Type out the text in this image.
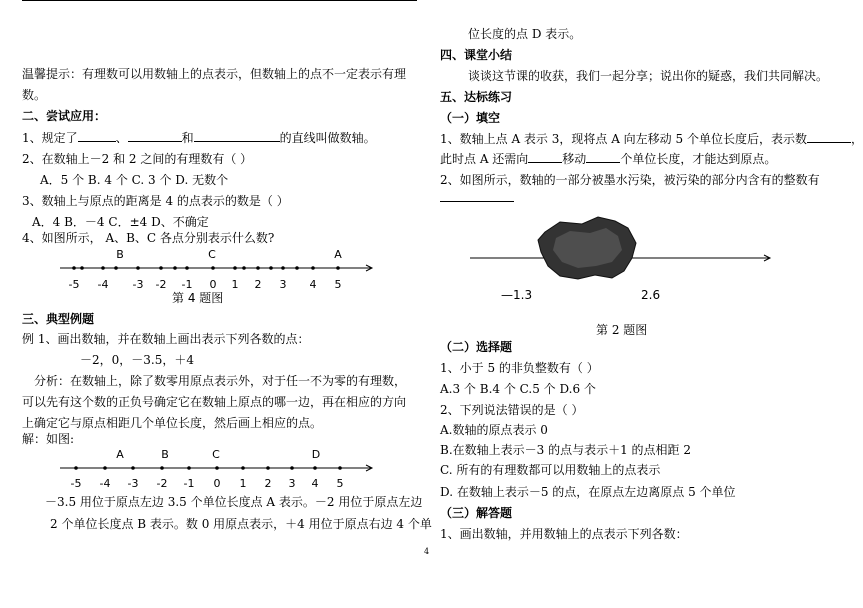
温馨提示：有理数可以用数轴上的点表示，但数轴上的点不一定表示有理
数。
二、尝试应用：
1、规定了	、	和	的直线叫做数轴。
2、在数轴上－2 和 2 之间的有理数有（ ）
A．5 个 B. 4 个 C. 3 个 D. 无数个
3、数轴上与原点的距离是 4 的点表示的数是（ ）
A．4 B．－4 C．±4 D、不确定
4、如图所示， A、B、C 各点分别表示什么数?
三、典型例题
例 1、画出数轴，并在数轴上画出表示下列各数的点：
－2，0，－3.5，＋4
分析：在数轴上，除了数零用原点表示外，对于任一不为零的有理数，
可以先有这个数的正负号确定它在数轴上原点的哪一边，再在相应的方向
上确定它与原点相距几个单位长度，然后画上相应的点。
解：如图:
－3.5 用位于原点左边 3.5 个单位长度点 A 表示。－2 用位于原点左边
2 个单位长度点 B 表示。数 0 用原点表示，＋4 用位于原点右边 4 个单
-5 -4 -3 -2 -1 0 1 2 3 4 5
B	C	A
第 4 题图
-5 -4 -3 -2 -1 0 1 2 3 4 5
A	B	C	D
—1.3	2.6
位长度的点 D 表示。
四、课堂小结
谈谈这节课的收获，我们一起分享；说出你的疑惑，我们共同解决。
五、达标练习
（一）填空
1、数轴上点 A 表示 3，现将点 A 向左移动 5 个单位长度后，表示数	，
此时点 A 还需向	移动	个单位长度，才能达到原点。
2、如图所示，数轴的一部分被墨水污染，被污染的部分内含有的整数有
第 2 题图
（二）选择题
1、小于 5 的非负整数有（ ）
A.3 个 B.4 个 C.5 个 D.6 个
2、下列说法错误的是（ ）
A.数轴的原点表示 0
B.在数轴上表示－3 的点与表示＋1 的点相距 2
C. 所有的有理数都可以用数轴上的点表示
D. 在数轴上表示－5 的点，在原点左边离原点 5 个单位
（三）解答题
1、画出数轴，并用数轴上的点表示下列各数：
4
